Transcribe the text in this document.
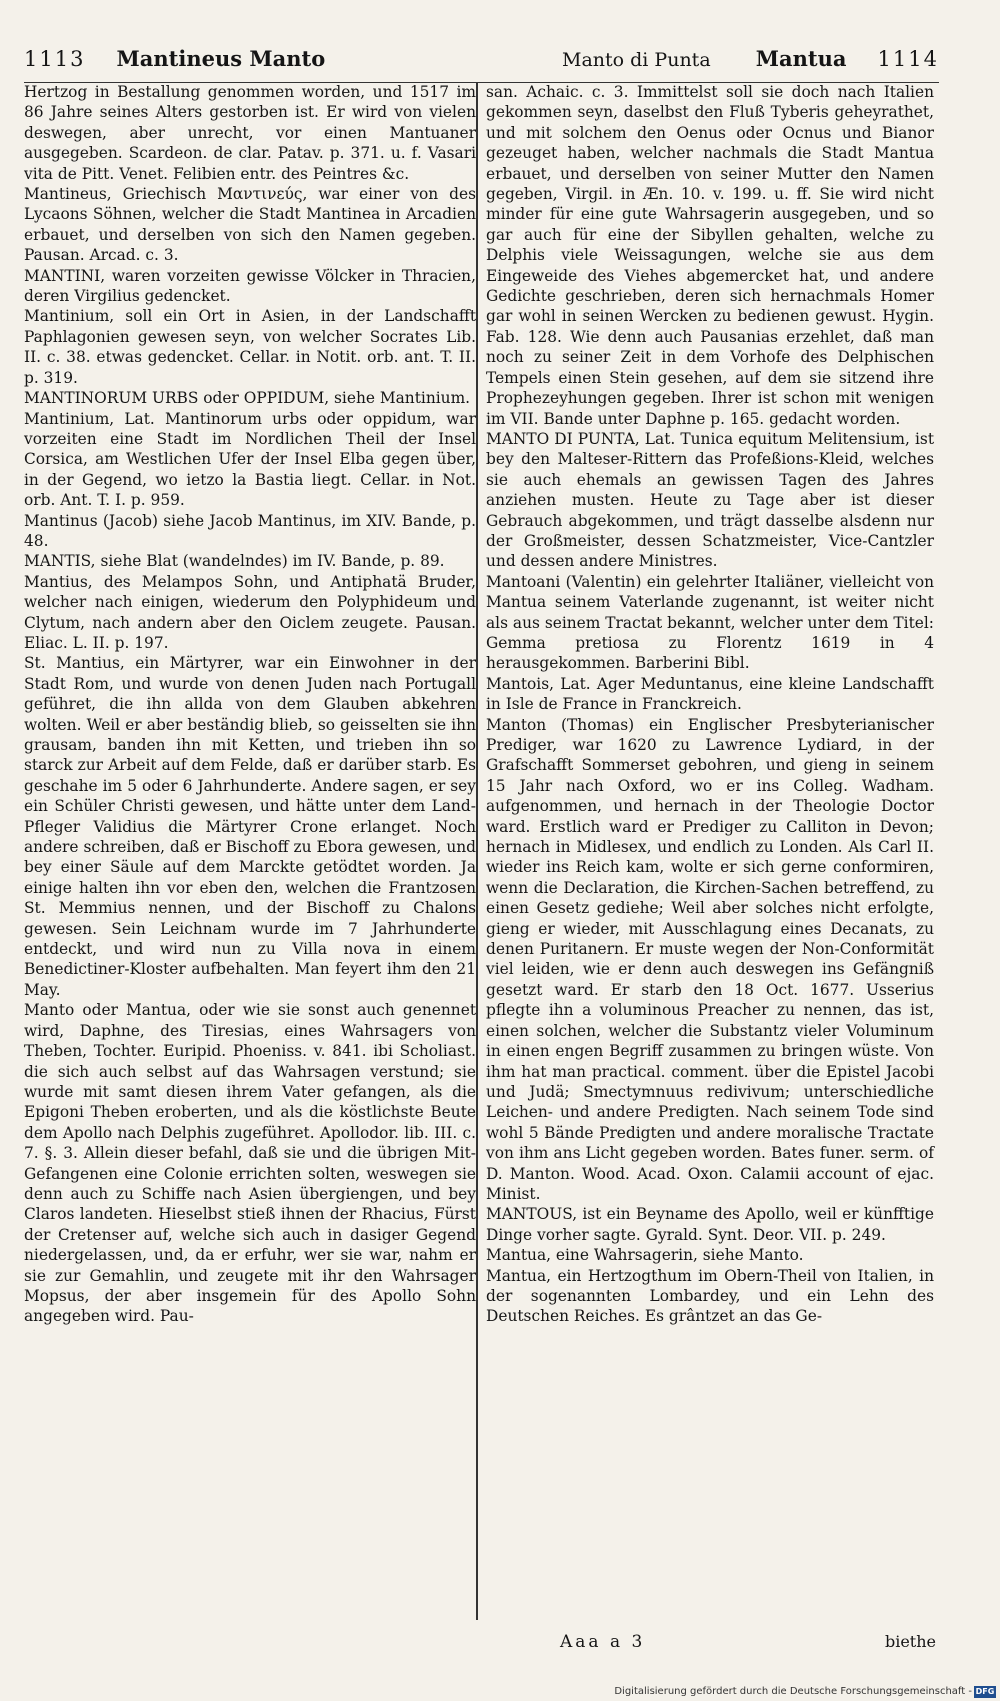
1113 Mantineus Manto	Manto di Punta Mantua 1114

Hertzog in Bestallung genommen worden, und 1517 im 86 Jahre seines Alters gestorben ist. Er wird von vielen deswegen, aber unrecht, vor einen Mantuaner ausgegeben. Scardeon. de clar. Patav. p. 371. u. f. Vasari vita de Pitt. Venet. Felibien entr. des Peintres &c.

Mantineus, Griechisch Μαντινεύς, war einer von des Lycaons Söhnen, welcher die Stadt Mantinea in Arcadien erbauet, und derselben von sich den Namen gegeben. Pausan. Arcad. c. 3.

MANTINI, waren vorzeiten gewisse Völcker in Thracien, deren Virgilius gedencket.

Mantinium, soll ein Ort in Asien, in der Landschafft Paphlagonien gewesen seyn, von welcher Socrates Lib. II. c. 38. etwas gedencket. Cellar. in Notit. orb. ant. T. II. p. 319.

MANTINORUM URBS oder OPPIDUM, siehe Mantinium.

Mantinium, Lat. Mantinorum urbs oder oppidum, war vorzeiten eine Stadt im Nordlichen Theil der Insel Corsica, am Westlichen Ufer der Insel Elba gegen über, in der Gegend, wo ietzo la Bastia liegt. Cellar. in Not. orb. Ant. T. I. p. 959.

Mantinus (Jacob) siehe Jacob Mantinus, im XIV. Bande, p. 48.

MANTIS, siehe Blat (wandelndes) im IV. Bande, p. 89.

Mantius, des Melampos Sohn, und Antiphatä Bruder, welcher nach einigen, wiederum den Polyphideum und Clytum, nach andern aber den Oiclem zeugete. Pausan. Eliac. L. II. p. 197.

St. Mantius, ein Märtyrer, war ein Einwohner in der Stadt Rom, und wurde von denen Juden nach Portugall geführet, die ihn allda von dem Glauben abkehren wolten. Weil er aber beständig blieb, so geisselten sie ihn grausam, banden ihn mit Ketten, und trieben ihn so starck zur Arbeit auf dem Felde, daß er darüber starb. Es geschahe im 5 oder 6 Jahrhunderte. Andere sagen, er sey ein Schüler Christi gewesen, und hätte unter dem Land-Pfleger Validius die Märtyrer Crone erlanget. Noch andere schreiben, daß er Bischoff zu Ebora gewesen, und bey einer Säule auf dem Marckte getödtet worden. Ja einige halten ihn vor eben den, welchen die Frantzosen St. Memmius nennen, und der Bischoff zu Chalons gewesen. Sein Leichnam wurde im 7 Jahrhunderte entdeckt, und wird nun zu Villa nova in einem Benedictiner-Kloster aufbehalten. Man feyert ihm den 21 May.

Manto oder Mantua, oder wie sie sonst auch genennet wird, Daphne, des Tiresias, eines Wahrsagers von Theben, Tochter. Euripid. Phoeniss. v. 841. ibi Scholiast. die sich auch selbst auf das Wahrsagen verstund; sie wurde mit samt diesen ihrem Vater gefangen, als die Epigoni Theben eroberten, und als die köstlichste Beute dem Apollo nach Delphis zugeführet. Apollodor. lib. III. c. 7. §. 3. Allein dieser befahl, daß sie und die übrigen Mit-Gefangenen eine Colonie errichten solten, weswegen sie denn auch zu Schiffe nach Asien übergiengen, und bey Claros landeten. Hieselbst stieß ihnen der Rhacius, Fürst der Cretenser auf, welche sich auch in dasiger Gegend niedergelassen, und, da er erfuhr, wer sie war, nahm er sie zur Gemahlin, und zeugete mit ihr den Wahrsager Mopsus, der aber insgemein für des Apollo Sohn angegeben wird. Pau-

san. Achaic. c. 3. Immittelst soll sie doch nach Italien gekommen seyn, daselbst den Fluß Tyberis geheyrathet, und mit solchem den Oenus oder Ocnus und Bianor gezeuget haben, welcher nachmals die Stadt Mantua erbauet, und derselben von seiner Mutter den Namen gegeben, Virgil. in Æn. 10. v. 199. u. ff. Sie wird nicht minder für eine gute Wahrsagerin ausgegeben, und so gar auch für eine der Sibyllen gehalten, welche zu Delphis viele Weissagungen, welche sie aus dem Eingeweide des Viehes abgemercket hat, und andere Gedichte geschrieben, deren sich hernachmals Homer gar wohl in seinen Wercken zu bedienen gewust. Hygin. Fab. 128. Wie denn auch Pausanias erzehlet, daß man noch zu seiner Zeit in dem Vorhofe des Delphischen Tempels einen Stein gesehen, auf dem sie sitzend ihre Prophezeyhungen gegeben. Ihrer ist schon mit wenigen im VII. Bande unter Daphne p. 165. gedacht worden.

MANTO DI PUNTA, Lat. Tunica equitum Melitensium, ist bey den Malteser-Rittern das Profeßions-Kleid, welches sie auch ehemals an gewissen Tagen des Jahres anziehen musten. Heute zu Tage aber ist dieser Gebrauch abgekommen, und trägt dasselbe alsdenn nur der Großmeister, dessen Schatzmeister, Vice-Cantzler und dessen andere Ministres.

Mantoani (Valentin) ein gelehrter Italiäner, vielleicht von Mantua seinem Vaterlande zugenannt, ist weiter nicht als aus seinem Tractat bekannt, welcher unter dem Titel: Gemma pretiosa zu Florentz 1619 in 4 herausgekommen. Barberini Bibl.

Mantois, Lat. Ager Meduntanus, eine kleine Landschafft in Isle de France in Franckreich.

Manton (Thomas) ein Englischer Presbyterianischer Prediger, war 1620 zu Lawrence Lydiard, in der Grafschafft Sommerset gebohren, und gieng in seinem 15 Jahr nach Oxford, wo er ins Colleg. Wadham. aufgenommen, und hernach in der Theologie Doctor ward. Erstlich ward er Prediger zu Calliton in Devon; hernach in Midlesex, und endlich zu Londen. Als Carl II. wieder ins Reich kam, wolte er sich gerne conformiren, wenn die Declaration, die Kirchen-Sachen betreffend, zu einen Gesetz gediehe; Weil aber solches nicht erfolgte, gieng er wieder, mit Ausschlagung eines Decanats, zu denen Puritanern. Er muste wegen der Non-Conformität viel leiden, wie er denn auch deswegen ins Gefängniß gesetzt ward. Er starb den 18 Oct. 1677. Usserius pflegte ihn a voluminous Preacher zu nennen, das ist, einen solchen, welcher die Substantz vieler Voluminum in einen engen Begriff zusammen zu bringen wüste. Von ihm hat man practical. comment. über die Epistel Jacobi und Judä; Smectymnuus redivivum; unterschiedliche Leichen- und andere Predigten. Nach seinem Tode sind wohl 5 Bände Predigten und andere moralische Tractate von ihm ans Licht gegeben worden. Bates funer. serm. of D. Manton. Wood. Acad. Oxon. Calamii account of ejac. Minist.

MANTOUS, ist ein Beyname des Apollo, weil er künfftige Dinge vorher sagte. Gyrald. Synt. Deor. VII. p. 249.

Mantua, eine Wahrsagerin, siehe Manto.

Mantua, ein Hertzogthum im Obern-Theil von Italien, in der sogenannten Lombardey, und ein Lehn des Deutschen Reiches. Es grântzet an das Ge-

Aaa a 3	biethe
Digitalisierung gefördert durch die Deutsche Forschungsgemeinschaft - DFG
